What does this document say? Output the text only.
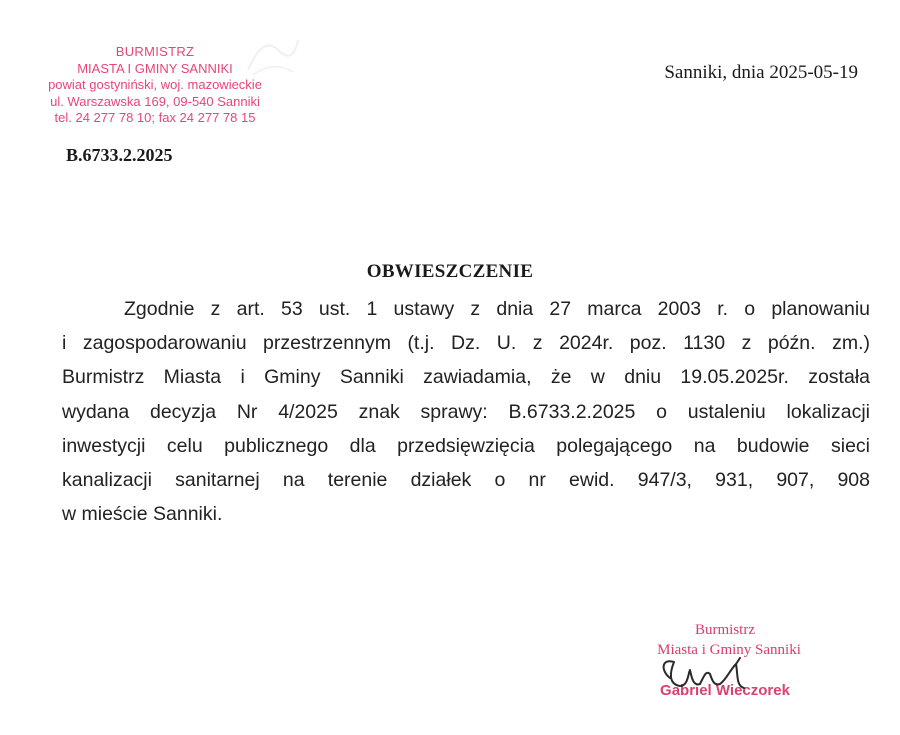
BURMISTRZ
MIASTA I GMINY SANNIKI
powiat gostyniński, woj. mazowieckie
ul. Warszawska 169, 09-540 Sanniki
tel. 24 277 78 10; fax 24 277 78 15
B.6733.2.2025
Sanniki, dnia 2025-05-19
OBWIESZCZENIE
Zgodnie z art. 53 ust. 1 ustawy z dnia 27 marca 2003 r. o planowaniu
i zagospodarowaniu przestrzennym (t.j. Dz. U. z 2024r. poz. 1130 z późn. zm.)
Burmistrz Miasta i Gminy Sanniki zawiadamia, że w dniu 19.05.2025r. została
wydana decyzja Nr 4/2025 znak sprawy: B.6733.2.2025 o ustaleniu lokalizacji
inwestycji celu publicznego dla przedsięwzięcia polegającego na budowie sieci
kanalizacji sanitarnej na terenie działek o nr ewid. 947/3, 931, 907, 908
w mieście Sanniki.
Burmistrz
Miasta i Gminy Sanniki
Gabriel Wieczorek
